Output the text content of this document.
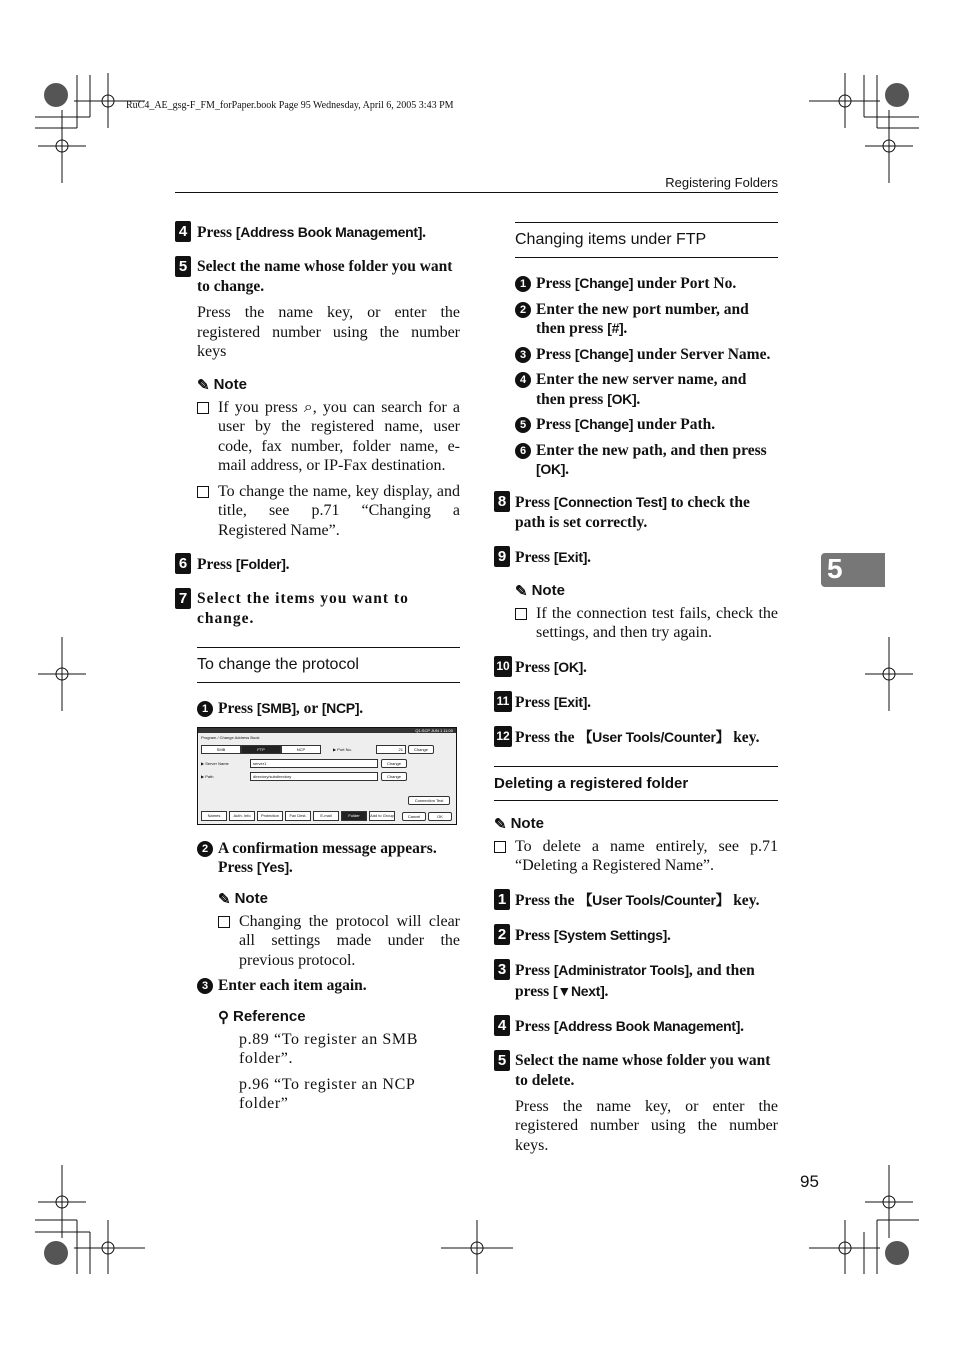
RuC4_AE_gsg-F_FM_forPaper.book Page 95 Wednesday, April 6, 2005 3:43 PM
Registering Folders
5
95
4 Press [Address Book Management].
5 Select the name whose folder you want to change.
Press the name key, or enter the registered number using the number keys
✎ Note
If you press ⌕, you can search for a user by the registered name, user code, fax number, folder name, e-mail address, or IP-Fax destination.
To change the name, key display, and title, see p.71 “Changing a Registered Name”.
6 Press [Folder].
7 Select the items you want to change.
To change the protocol
1 Press [SMB], or [NCP].
Q1:SCP JUN 1 11:00
Program / Change Address Book
SMB	FTP	NCP	▶ Port No.	21	Change
▶ Server Name	server1	Change
▶ Path	directory/subdirectory	Change
Connection Test
Names	Auth. Info	Protection	Fax Dest.	E-mail	Folder	Add to Group	Cancel	OK
2 A confirmation message appears. Press [Yes].
✎ Note
Changing the protocol will clear all settings made under the previous protocol.
3 Enter each item again.
⚲ Reference
p.89 “To register an SMB folder”.
p.96 “To register an NCP folder”
Changing items under FTP
1 Press [Change] under Port No.
2 Enter the new port number, and then press [#].
3 Press [Change] under Server Name.
4 Enter the new server name, and then press [OK].
5 Press [Change] under Path.
6 Enter the new path, and then press [OK].
8 Press [Connection Test] to check the path is set correctly.
9 Press [Exit].
✎ Note
If the connection test fails, check the settings, and then try again.
10 Press [OK].
11 Press [Exit].
12 Press the 【User Tools/Counter】 key.
Deleting a registered folder
✎ Note
To delete a name entirely, see p.71 “Deleting a Registered Name”.
1 Press the 【User Tools/Counter】 key.
2 Press [System Settings].
3 Press [Administrator Tools], and then press [▼Next].
4 Press [Address Book Management].
5 Select the name whose folder you want to delete.
Press the name key, or enter the registered number using the number keys.
